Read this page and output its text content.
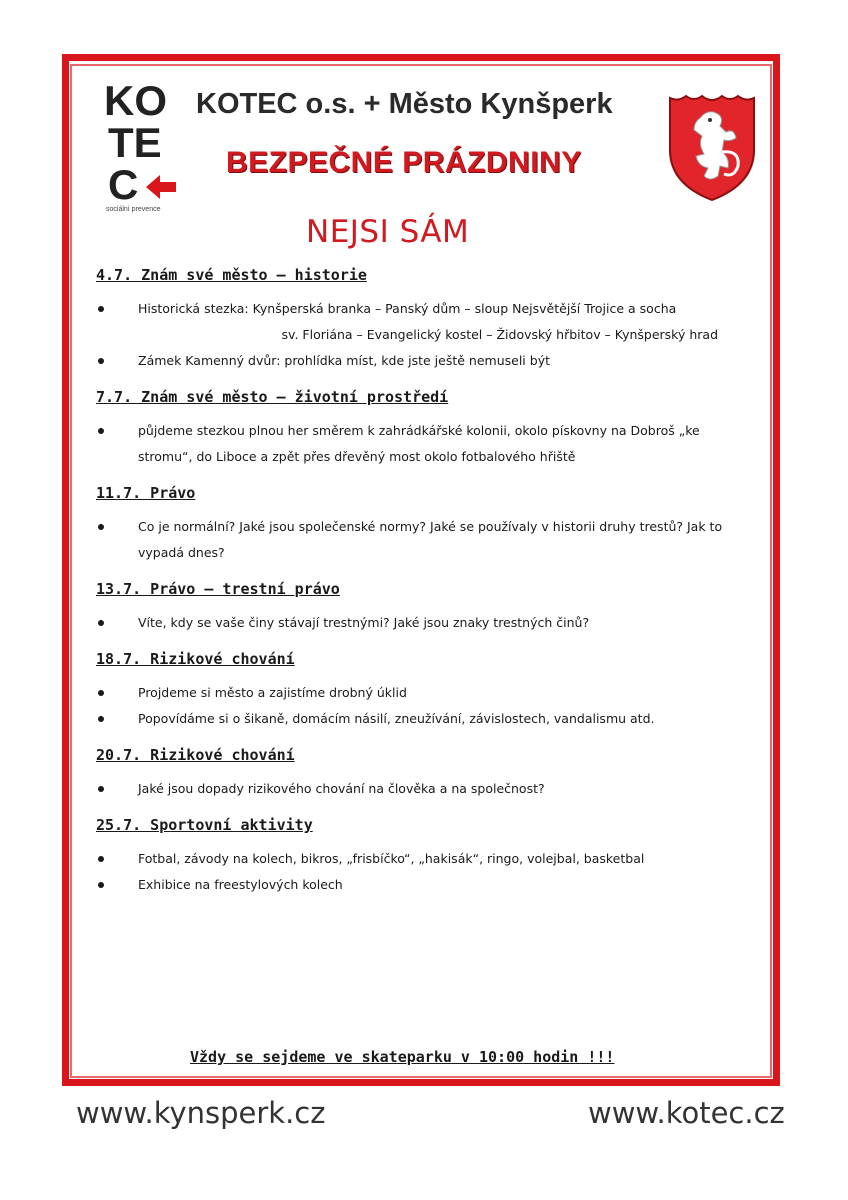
KO
TE
C
sociální prevence
KOTEC o.s. + Město Kynšperk
BEZPEČNÉ PRÁZDNINY
NEJSI SÁM
4.7. Znám své město – historie
Historická stezka: Kynšperská branka – Panský dům – sloup Nejsvětější Trojice a socha
sv. Floriána – Evangelický kostel – Židovský hřbitov – Kynšperský hrad
Zámek Kamenný dvůr: prohlídka míst, kde jste ještě nemuseli být
7.7. Znám své město – životní prostředí
půjdeme stezkou plnou her směrem k zahrádkářské kolonii, okolo pískovny na Dobroš „ke stromu“, do Liboce a zpět přes dřevěný most okolo fotbalového hřiště
11.7. Právo
Co je normální? Jaké jsou společenské normy? Jaké se používaly v historii druhy trestů? Jak to vypadá dnes?
13.7. Právo – trestní právo
Víte, kdy se vaše činy stávají trestnými? Jaké jsou znaky trestných činů?
18.7. Rizikové chování
Projdeme si město a zajistíme drobný úklid
Popovídáme si o šikaně, domácím násilí, zneužívání, závislostech, vandalismu atd.
20.7. Rizikové chování
Jaké jsou dopady rizikového chování na člověka a na společnost?
25.7. Sportovní aktivity
Fotbal, závody na kolech, bikros, „frisbíčko“, „hakisák“, ringo, volejbal, basketbal
Exhibice na freestylových kolech
Vždy se sejdeme ve skateparku v 10:00 hodin !!!
www.kynsperk.cz	www.kotec.cz
